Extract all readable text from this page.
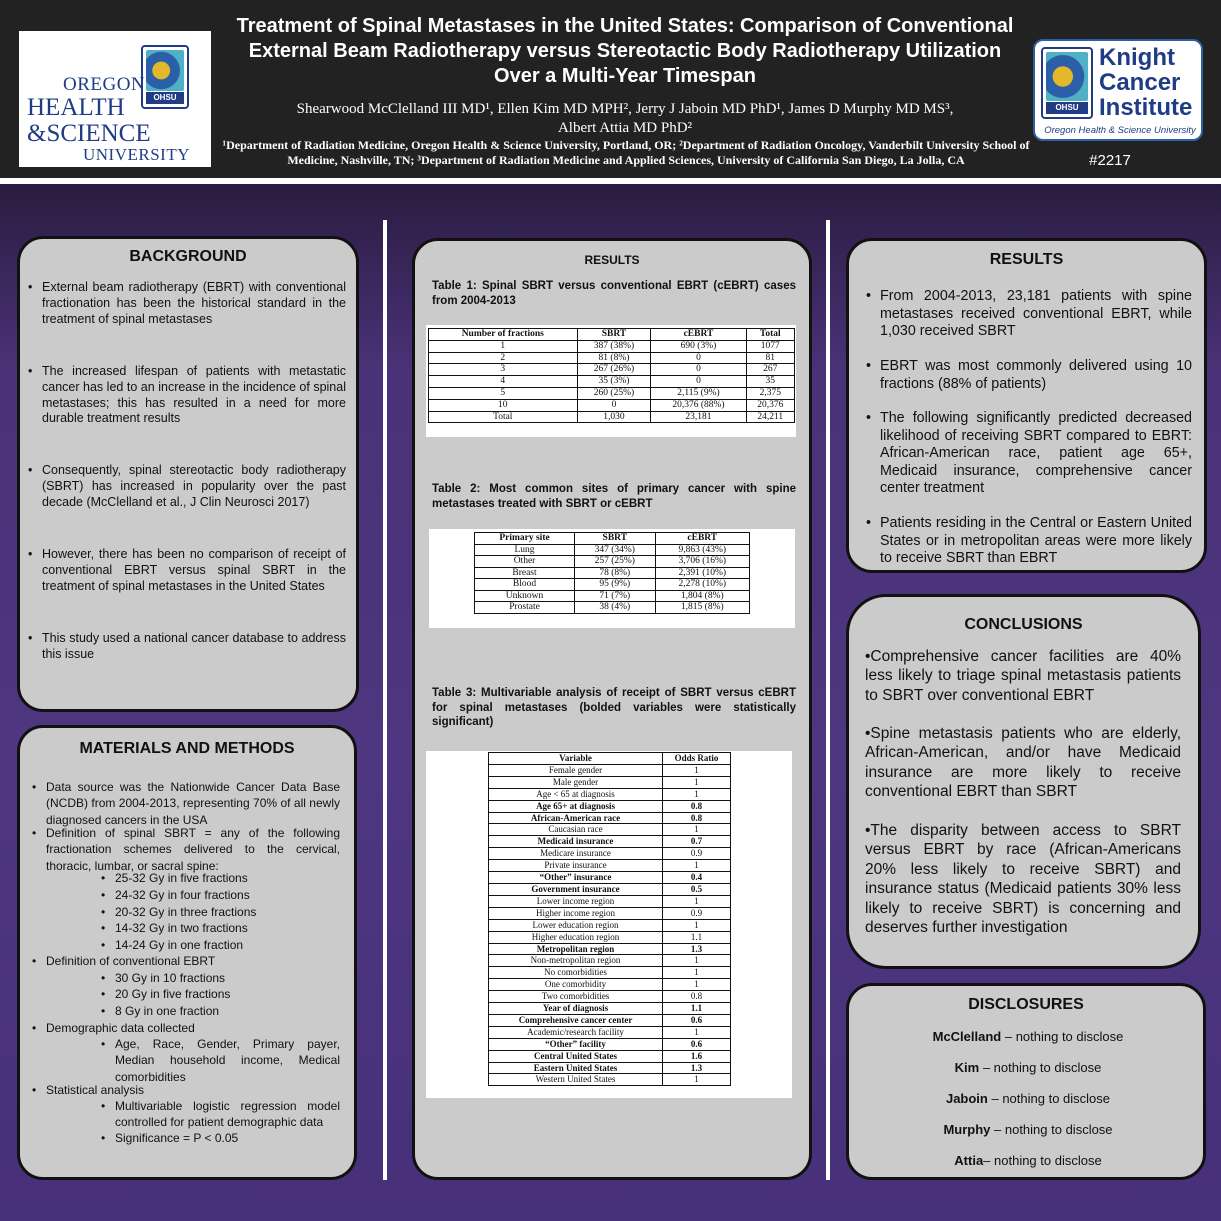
OHSU
OREGON
HEALTH
&SCIENCE
UNIVERSITY
Treatment of Spinal Metastases in the United States: Comparison of Conventional External Beam Radiotherapy versus Stereotactic Body Radiotherapy Utilization Over a Multi-Year Timespan
Shearwood McClelland III MD¹, Ellen Kim MD MPH², Jerry J Jaboin MD PhD¹, James D Murphy MD MS³,
Albert Attia MD PhD²
¹Department of Radiation Medicine, Oregon Health & Science University, Portland, OR; ²Department of Radiation Oncology, Vanderbilt University School of Medicine, Nashville, TN; ³Department of Radiation Medicine and Applied Sciences, University of California San Diego, La Jolla, CA
OHSU
Knight
Cancer
Institute
Oregon Health & Science University
#2217
BACKGROUND
• External beam radiotherapy (EBRT) with conventional fractionation has been the historical standard in the treatment of spinal metastases
• The increased lifespan of patients with metastatic cancer has led to an increase in the incidence of spinal metastases; this has resulted in a need for more durable treatment results
• Consequently, spinal stereotactic body radiotherapy (SBRT) has increased in popularity over the past decade (McClelland et al., J Clin Neurosci 2017)
• However, there has been no comparison of receipt of conventional EBRT versus spinal SBRT in the treatment of spinal metastases in the United States
• This study used a national cancer database to address this issue
MATERIALS AND METHODS
• Data source was the Nationwide Cancer Data Base (NCDB) from 2004-2013, representing 70% of all newly diagnosed cancers in the USA
• Definition of spinal SBRT = any of the following fractionation schemes delivered to the cervical, thoracic, lumbar, or sacral spine:
• 25-32 Gy in five fractions
• 24-32 Gy in four fractions
• 20-32 Gy in three fractions
• 14-32 Gy in two fractions
• 14-24 Gy in one fraction
• Definition of conventional EBRT
• 30 Gy in 10 fractions
• 20 Gy in five fractions
• 8 Gy in one fraction
• Demographic data collected
• Age, Race, Gender, Primary payer, Median household income, Medical comorbidities
• Statistical analysis
• Multivariable logistic regression model controlled for patient demographic data
• Significance = P < 0.05
RESULTS
Table 1: Spinal SBRT versus conventional EBRT (cEBRT) cases from 2004-2013
Number of fractions	SBRT	cEBRT	Total
1	387 (38%)	690 (3%)	1077
2	81 (8%)	0	81
3	267 (26%)	0	267
4	35 (3%)	0	35
5	260 (25%)	2,115 (9%)	2,375
10	0	20,376 (88%)	20,376
Total	1,030	23,181	24,211
Table 2: Most common sites of primary cancer with spine metastases treated with SBRT or cEBRT
Primary site	SBRT	cEBRT
Lung	347 (34%)	9,863 (43%)
Other	257 (25%)	3,706 (16%)
Breast	78 (8%)	2,391 (10%)
Blood	95 (9%)	2,278 (10%)
Unknown	71 (7%)	1,804 (8%)
Prostate	38 (4%)	1,815 (8%)
Table 3: Multivariable analysis of receipt of SBRT versus cEBRT for spinal metastases (bolded variables were statistically significant)
Variable	Odds Ratio
Female gender	1
Male gender	1
Age < 65 at diagnosis	1
Age 65+ at diagnosis	0.8
African-American race	0.8
Caucasian race	1
Medicaid insurance	0.7
Medicare insurance	0.9
Private insurance	1
“Other” insurance	0.4
Government insurance	0.5
Lower income region	1
Higher income region	0.9
Lower education region	1
Higher education region	1.1
Metropolitan region	1.3
Non-metropolitan region	1
No comorbidities	1
One comorbidity	1
Two comorbidities	0.8
Year of diagnosis	1.1
Comprehensive cancer center	0.6
Academic/research facility	1
“Other” facility	0.6
Central United States	1.6
Eastern United States	1.3
Western United States	1
RESULTS
• From 2004-2013, 23,181 patients with spine metastases received conventional EBRT, while 1,030 received SBRT
• EBRT was most commonly delivered using 10 fractions (88% of patients)
• The following significantly predicted decreased likelihood of receiving SBRT compared to EBRT: African-American race, patient age 65+, Medicaid insurance, comprehensive cancer center treatment
• Patients residing in the Central or Eastern United States or in metropolitan areas were more likely to receive SBRT than EBRT
CONCLUSIONS
•Comprehensive cancer facilities are 40% less likely to triage spinal metastasis patients to SBRT over conventional EBRT
•Spine metastasis patients who are elderly, African-American, and/or have Medicaid insurance are more likely to receive conventional EBRT than SBRT
•The disparity between access to SBRT versus EBRT by race (African-Americans 20% less likely to receive SBRT) and insurance status (Medicaid patients 30% less likely to receive SBRT) is concerning and deserves further investigation
DISCLOSURES
McClelland – nothing to disclose
Kim – nothing to disclose
Jaboin – nothing to disclose
Murphy – nothing to disclose
Attia– nothing to disclose
